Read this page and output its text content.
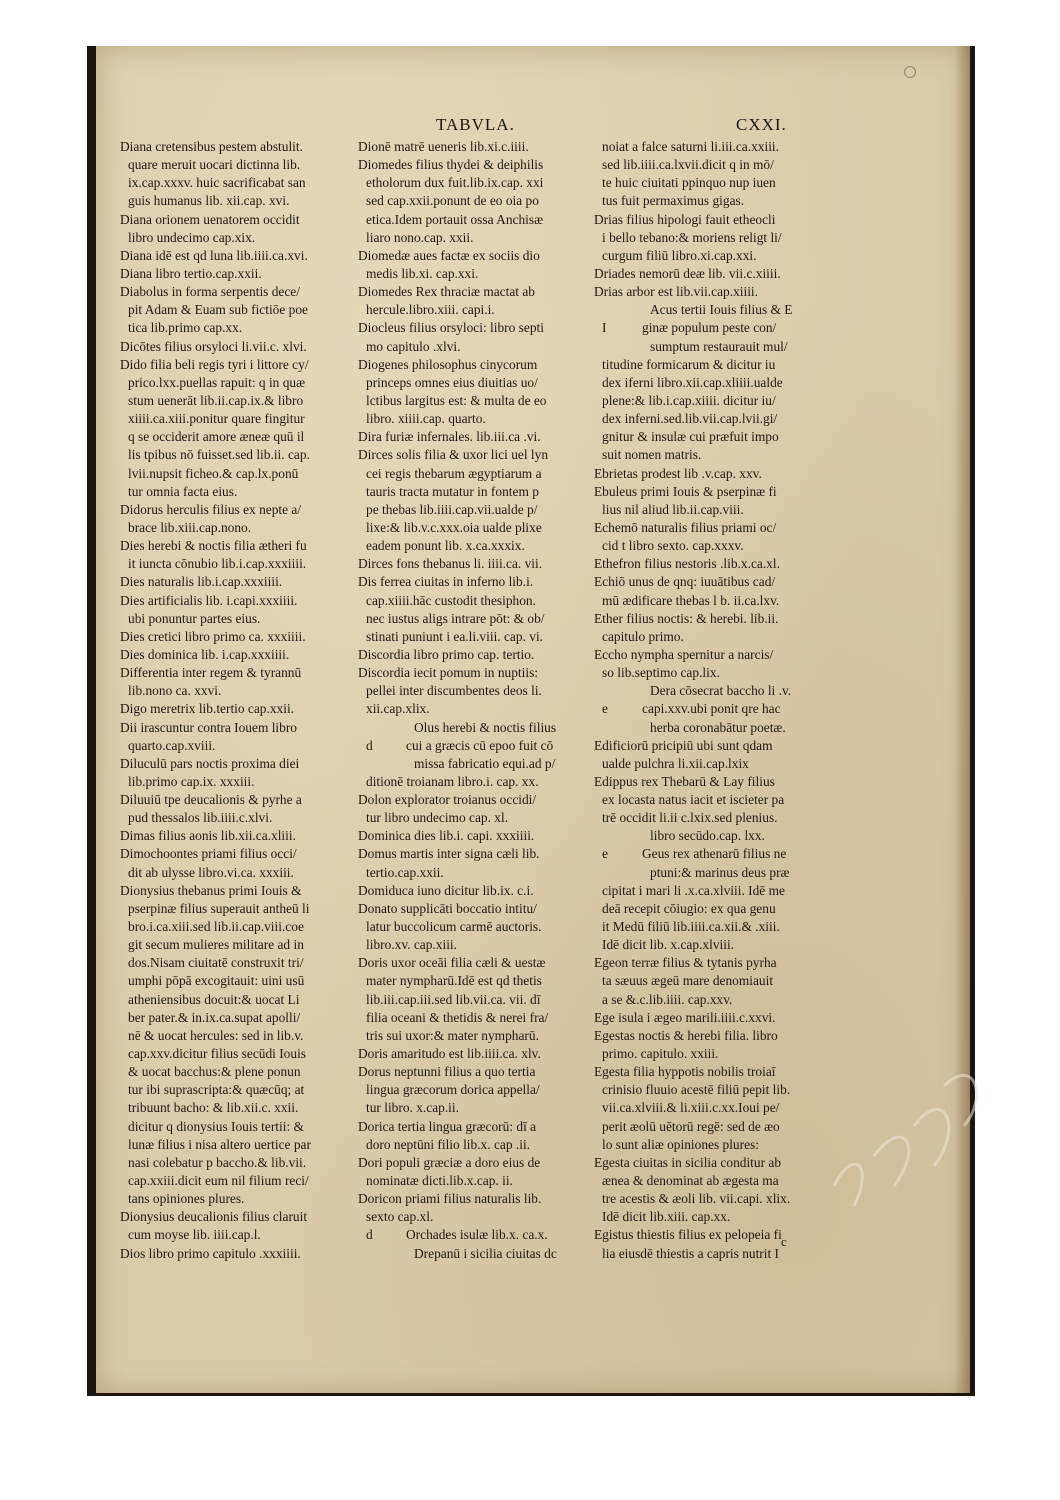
TABVLA.	CXXI.
Diana cretensibus pestem abstulit.
quare meruit uocari dictinna lib.
ix.cap.xxxv. huic sacrificabat san
guis humanus lib. xii.cap. xvi.
Diana orionem uenatorem occidit
libro undecimo cap.xix.
Diana idē est qd luna lib.iiii.ca.xvi.
Diana libro tertio.cap.xxii.
Diabolus in forma serpentis dece/
pit Adam & Euam sub fictiōe poe
tica lib.primo cap.xx.
Dicōtes filius orsyloci li.vii.c. xlvi.
Dido filia beli regis tyri i littore cy/
prico.lxx.puellas rapuit: q in quæ
stum uenerāt lib.ii.cap.ix.& libro
xiiii.ca.xiii.ponitur quare fingitur
q se occiderit amore æneæ quū il
lis tpibus nō fuisset.sed lib.ii. cap.
lvii.nupsit ficheo.& cap.lx.ponū
tur omnia facta eius.
Didorus herculis filius ex nepte a/
brace lib.xiii.cap.nono.
Dies herebi & noctis filia ætheri fu
it iuncta cōnubio lib.i.cap.xxxiiii.
Dies naturalis lib.i.cap.xxxiiii.
Dies artificialis lib. i.capi.xxxiiii.
ubi ponuntur partes eius.
Dies cretici libro primo ca. xxxiiii.
Dies dominica lib. i.cap.xxxiiii.
Differentia inter regem & tyrannū
lib.nono ca. xxvi.
Digo meretrix lib.tertio cap.xxii.
Dii irascuntur contra Iouem libro
quarto.cap.xviii.
Diluculū pars noctis proxima diei
lib.primo cap.ix. xxxiii.
Diluuiū tpe deucalionis & pyrhe a
pud thessalos lib.iiii.c.xlvi.
Dimas filius aonis lib.xii.ca.xliii.
Dimochoontes priami filius occi/
dit ab ulysse libro.vi.ca. xxxiii.
Dionysius thebanus primi Iouis &
pserpinæ filius superauit antheū li
bro.i.ca.xiii.sed lib.ii.cap.viii.coe
git secum mulieres militare ad in
dos.Nisam ciuitatē construxit tri/
umphi pōpā excogitauit: uini usū
atheniensibus docuit:& uocat Li
ber pater.& in.ix.ca.supat apolli/
nē & uocat hercules: sed in lib.v.
cap.xxv.dicitur filius secūdi Iouis
& uocat bacchus:& plene ponun
tur ibi suprascripta:& quæcūq; at
tribuunt bacho: & lib.xii.c. xxii.
dicitur q dionysius Iouis tertii: &
lunæ filius i nisa altero uertice par
nasi colebatur p baccho.& lib.vii.
cap.xxiii.dicit eum nil filium reci/
tans opiniones plures.
Dionysius deucalionis filius claruit
cum moyse lib. iiii.cap.l.
Dios libro primo capitulo .xxxiiii.
Dionē matrē ueneris lib.xi.c.iiii.
Diomedes filius thydei & deiphilis
etholorum dux fuit.lib.ix.cap. xxi
sed cap.xxii.ponunt de eo oia po
etica.Idem portauit ossa Anchisæ
liaro nono.cap. xxii.
Diomedæ aues factæ ex sociis dio
medis lib.xi. cap.xxi.
Diomedes Rex thraciæ mactat ab
hercule.libro.xiii. capi.i.
Diocleus filius orsyloci: libro septi
mo capitulo .xlvi.
Diogenes philosophus cinycorum
princeps omnes eius diuitias uo/
lctibus largitus est: & multa de eo
libro. xiiii.cap. quarto.
Dira furiæ infernales. lib.iii.ca .vi.
Dirces solis filia & uxor lici uel lyn
cei regis thebarum ægyptiarum a
tauris tracta mutatur in fontem p
pe thebas lib.iiii.cap.vii.ualde p/
lixe:& lib.v.c.xxx.oia ualde plixe
eadem ponunt lib. x.ca.xxxix.
Dirces fons thebanus li. iiii.ca. vii.
Dis ferrea ciuitas in inferno lib.i.
cap.xiiii.hāc custodit thesiphon.
nec iustus aligs intrare pōt: & ob/
stinati puniunt i ea.li.viii. cap. vi.
Discordia libro primo cap. tertio.
Discordia iecit pomum in nuptiis:
pellei inter discumbentes deos li.
xii.cap.xlix.
Olus herebi & noctis filius
d cui a græcis cū epoo fuit cō
missa fabricatio equi.ad p/
ditionē troianam libro.i. cap. xx.
Dolon explorator troianus occidi/
tur libro undecimo cap. xl.
Dominica dies lib.i. capi. xxxiiii.
Domus martis inter signa cæli lib.
tertio.cap.xxii.
Domiduca iuno dicitur lib.ix. c.i.
Donato supplicāti boccatio intitu/
latur buccolicum carmē auctoris.
libro.xv. cap.xiii.
Doris uxor oceāi filia cæli & uestæ
mater nympharū.Idē est qd thetis
lib.iii.cap.iii.sed lib.vii.ca. vii. dī
filia oceani & thetidis & nerei fra/
tris sui uxor:& mater nympharū.
Doris amaritudo est lib.iiii.ca. xlv.
Dorus neptunni filius a quo tertia
lingua græcorum dorica appella/
tur libro. x.cap.ii.
Dorica tertia lingua græcorū: dī a
doro neptūni filio lib.x. cap .ii.
Dori populi græciæ a doro eius de
nominatæ dicti.lib.x.cap. ii.
Doricon priami filius naturalis lib.
sexto cap.xl.
d Orchades isulæ lib.x. ca.x.
Drepanū i sicilia ciuitas dc
noiat a falce saturni li.iii.ca.xxiii.
sed lib.iiii.ca.lxvii.dicit q in mō/
te huic ciuitati ppinquo nup iuen
tus fuit permaximus gigas.
Drias filius hipologi fauit ethеocli
i bello tebano:& moriens religt li/
curgum filiū libro.xi.cap.xxi.
Driades nemorū deæ lib. vii.c.xiiii.
Drias arbor est lib.vii.cap.xiiii.
Acus tertii Iouis filius & E
I	ginæ populum peste con/
sumptum restaurauit mul/
titudine formicarum & dicitur iu
dex iferni libro.xii.cap.xliiii.ualde
plene:& lib.i.cap.xiiii. dicitur iu/
dex inferni.sed.lib.vii.cap.lvii.gi/
gnitur & insulæ cui præfuit impo
suit nomen matris.
Ebrietas prodest lib .v.cap. xxv.
Ebuleus primi Iouis & pserpinæ fi
lius nil aliud lib.ii.cap.viii.
Echemō naturalis filius priami oc/
cid t libro sexto. cap.xxxv.
Ethefron filius nestoris .lib.x.ca.xl.
Echiō unus de qnq: iuuātibus cad/
mū ædificare thebas l b. ii.ca.lxv.
Ether filius noctis: & herebi. lib.ii.
capitulo primo.
Eccho nympha spernitur a narcis/
so lib.septimo cap.lix.
Dera cōsecrat baccho li .v.
e	capi.xxv.ubi ponit qre hac
herba coronabātur poetæ.
Edificiorū pricipiū ubi sunt qdam
ualde pulchra li.xii.cap.lxix
Edippus rex Thebarū & Lay filius
ex locasta natus iacit et iscieter pa
trē occidit li.ii c.lxix.sed plenius.
libro secūdo.cap. lxx.
e	Geus rex athenarū filius ne
ptuni:& marinus deus præ
cipitat i mari li .x.ca.xlviii. Idē me
deā recepit cōiugio: ex qua genu
it Medū filiū lib.iiii.ca.xii.& .xiii.
Idē dicit lib. x.cap.xlviii.
Egeon terræ filius & tytanis pyrha
ta sæuus ægeū mare denomiauit
a se &.c.lib.iiii. cap.xxv.
Ege isula i ægeo marili.iiii.c.xxvi.
Egestas noctis & herebi filia. libro
primo. capitulo. xxiii.
Egesta filia hyppotis nobilis troiaī
crinisio fluuio acestē filiū pepit lib.
vii.ca.xlviii.& li.xiii.c.xx.Ioui pe/
perit æolū uētorū regē: sed de æo
lo sunt aliæ opiniones plures:
Egesta ciuitas in sicilia conditur ab
ænea & denominat ab ægesta ma
tre acestis & æoli lib. vii.capi. xlix.
Idē dicit lib.xiii. cap.xx.
Egistus thiestis filius ex pelopeia fi
lia eiusdē thiestis a capris nutrit I
c
